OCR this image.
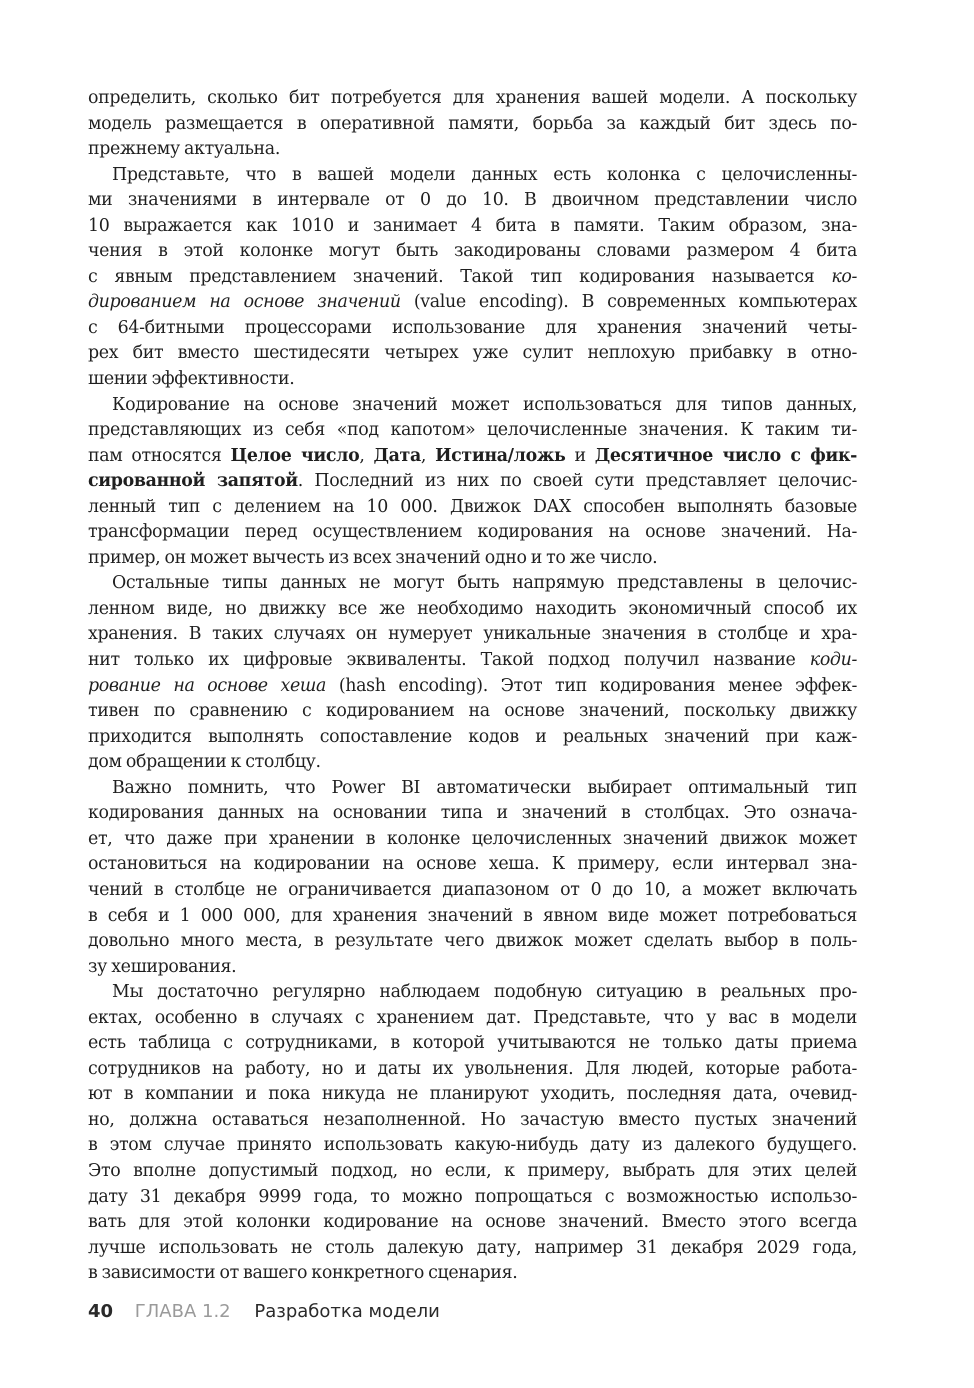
определить, сколько бит потребуется для хранения вашей модели. А поскольку
модель размещается в оперативной памяти, борьба за каждый бит здесь по-
прежнему актуальна.
Представьте, что в вашей модели данных есть колонка с целочисленны-
ми значениями в интервале от 0 до 10. В двоичном представлении число
10 выражается как 1010 и занимает 4 бита в памяти. Таким образом, зна-
чения в этой колонке могут быть закодированы словами размером 4 бита
с явным представлением значений. Такой тип кодирования называется ко-
дированием на основе значений (value encoding). В современных компьютерах
с 64-битными процессорами использование для хранения значений четы-
рех бит вместо шестидесяти четырех уже сулит неплохую прибавку в отно-
шении эффективности.
Кодирование на основе значений может использоваться для типов данных,
представляющих из себя «под капотом» целочисленные значения. К таким ти-
пам относятся Целое число, Дата, Истина/ложь и Десятичное число с фик-
сированной запятой. Последний из них по своей сути представляет целочис-
ленный тип с делением на 10 000. Движок DAX способен выполнять базовые
трансформации перед осуществлением кодирования на основе значений. На-
пример, он может вычесть из всех значений одно и то же число.
Остальные типы данных не могут быть напрямую представлены в целочис-
ленном виде, но движку все же необходимо находить экономичный способ их
хранения. В таких случаях он нумерует уникальные значения в столбце и хра-
нит только их цифровые эквиваленты. Такой подход получил название коди-
рование на основе хеша (hash encoding). Этот тип кодирования менее эффек-
тивен по сравнению с кодированием на основе значений, поскольку движку
приходится выполнять сопоставление кодов и реальных значений при каж-
дом обращении к столбцу.
Важно помнить, что Power BI автоматически выбирает оптимальный тип
кодирования данных на основании типа и значений в столбцах. Это означа-
ет, что даже при хранении в колонке целочисленных значений движок может
остановиться на кодировании на основе хеша. К примеру, если интервал зна-
чений в столбце не ограничивается диапазоном от 0 до 10, а может включать
в себя и 1 000 000, для хранения значений в явном виде может потребоваться
довольно много места, в результате чего движок может сделать выбор в поль-
зу хеширования.
Мы достаточно регулярно наблюдаем подобную ситуацию в реальных про-
ектах, особенно в случаях с хранением дат. Представьте, что у вас в модели
есть таблица с сотрудниками, в которой учитываются не только даты приема
сотрудников на работу, но и даты их увольнения. Для людей, которые работа-
ют в компании и пока никуда не планируют уходить, последняя дата, очевид-
но, должна оставаться незаполненной. Но зачастую вместо пустых значений
в этом случае принято использовать какую-нибудь дату из далекого будущего.
Это вполне допустимый подход, но если, к примеру, выбрать для этих целей
дату 31 декабря 9999 года, то можно попрощаться с возможностью использо-
вать для этой колонки кодирование на основе значений. Вместо этого всегда
лучше использовать не столь далекую дату, например 31 декабря 2029 года,
в зависимости от вашего конкретного сценария.
40 ГЛАВА 1.2 Разработка модели
